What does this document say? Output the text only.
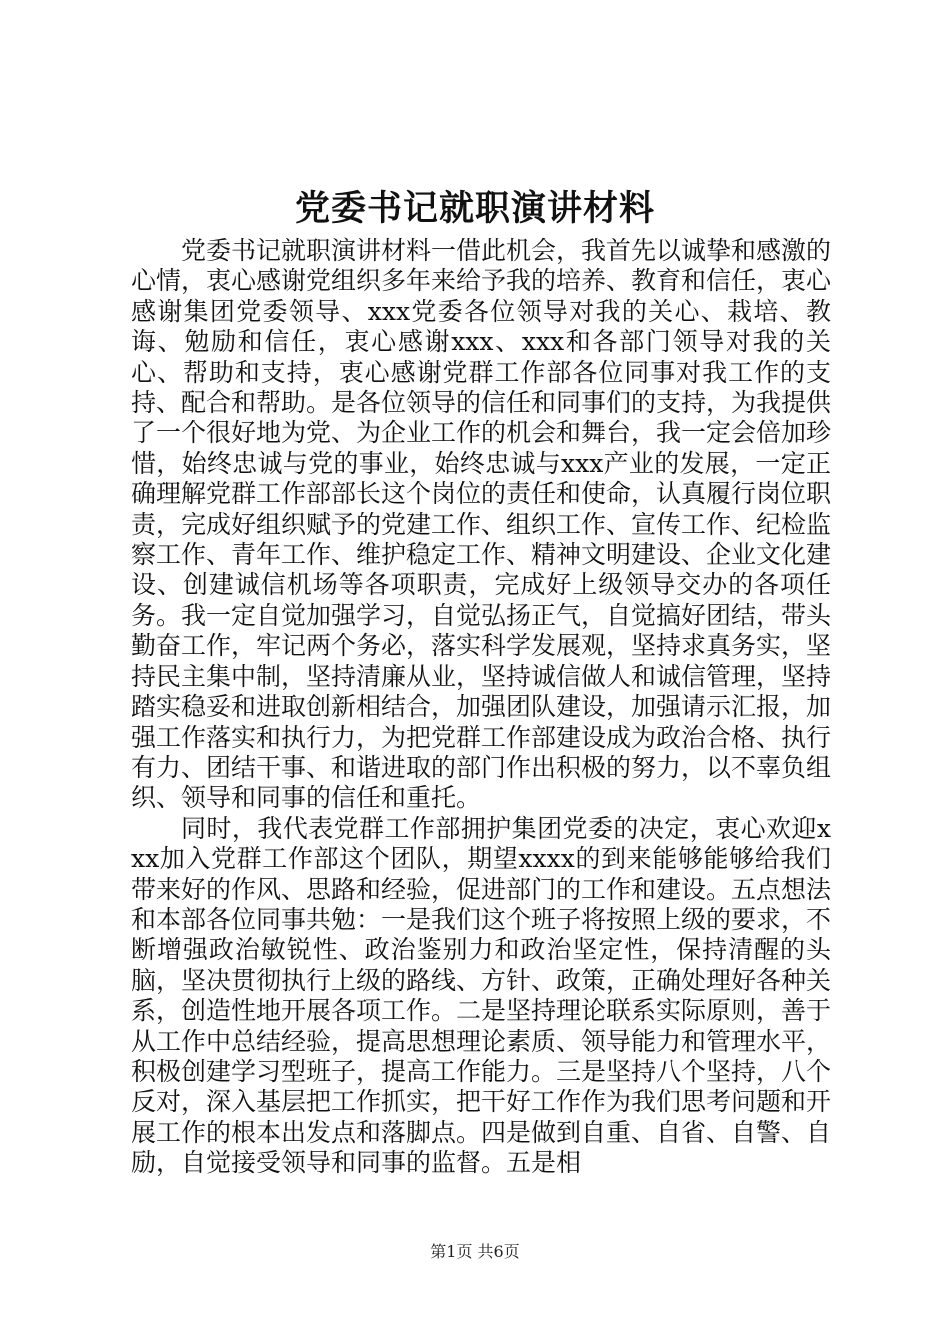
党委书记就职演讲材料

党委书记就职演讲材料一借此机会，我首先以诚挚和感激的心情，衷心感谢党组织多年来给予我的培养、教育和信任，衷心感谢集团党委领导、xxx党委各位领导对我的关心、栽培、教诲、勉励和信任，衷心感谢xxx、xxx和各部门领导对我的关心、帮助和支持，衷心感谢党群工作部各位同事对我工作的支持、配合和帮助。是各位领导的信任和同事们的支持，为我提供了一个很好地为党、为企业工作的机会和舞台，我一定会倍加珍惜，始终忠诚与党的事业，始终忠诚与xxx产业的发展，一定正确理解党群工作部部长这个岗位的责任和使命，认真履行岗位职责，完成好组织赋予的党建工作、组织工作、宣传工作、纪检监察工作、青年工作、维护稳定工作、精神文明建设、企业文化建设、创建诚信机场等各项职责，完成好上级领导交办的各项任务。我一定自觉加强学习，自觉弘扬正气，自觉搞好团结，带头勤奋工作，牢记两个务必，落实科学发展观，坚持求真务实，坚持民主集中制，坚持清廉从业，坚持诚信做人和诚信管理，坚持踏实稳妥和进取创新相结合，加强团队建设，加强请示汇报，加强工作落实和执行力，为把党群工作部建设成为政治合格、执行有力、团结干事、和谐进取的部门作出积极的努力，以不辜负组织、领导和同事的信任和重托。

同时，我代表党群工作部拥护集团党委的决定，衷心欢迎xxx加入党群工作部这个团队，期望xxxx的到来能够能够给我们带来好的作风、思路和经验，促进部门的工作和建设。五点想法和本部各位同事共勉：一是我们这个班子将按照上级的要求，不断增强政治敏锐性、政治鉴别力和政治坚定性，保持清醒的头脑，坚决贯彻执行上级的路线、方针、政策，正确处理好各种关系，创造性地开展各项工作。二是坚持理论联系实际原则，善于从工作中总结经验，提高思想理论素质、领导能力和管理水平，积极创建学习型班子，提高工作能力。三是坚持八个坚持，八个反对，深入基层把工作抓实，把干好工作作为我们思考问题和开展工作的根本出发点和落脚点。四是做到自重、自省、自警、自励，自觉接受领导和同事的监督。五是相

第1页 共6页
